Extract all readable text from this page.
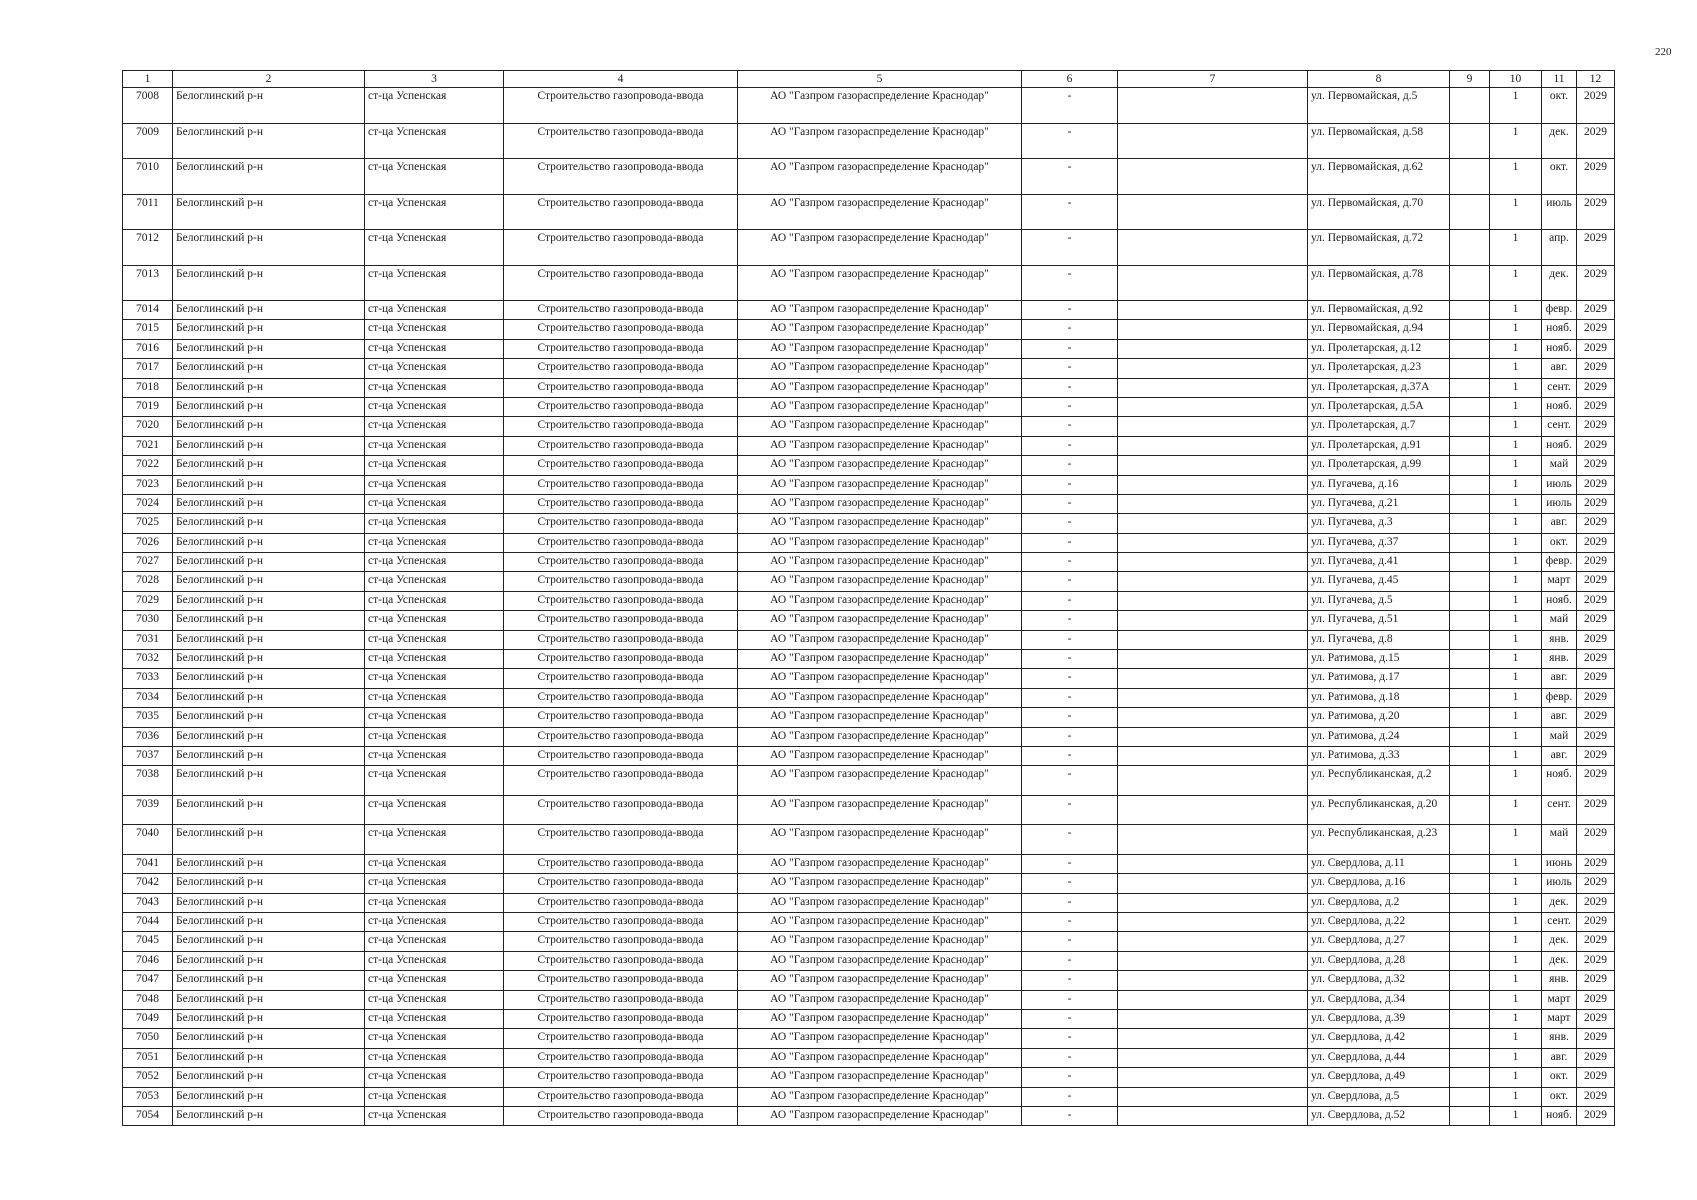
220
1	2	3	4	5	6	7	8	9	10	11	12
7008	Белоглинский р-н	ст-ца Успенская	Строительство газопровода-ввода	АО "Газпром газораспределение Краснодар"	-		ул. Первомайская, д.5		1	окт.	2029
7009	Белоглинский р-н	ст-ца Успенская	Строительство газопровода-ввода	АО "Газпром газораспределение Краснодар"	-		ул. Первомайская, д.58		1	дек.	2029
7010	Белоглинский р-н	ст-ца Успенская	Строительство газопровода-ввода	АО "Газпром газораспределение Краснодар"	-		ул. Первомайская, д.62		1	окт.	2029
7011	Белоглинский р-н	ст-ца Успенская	Строительство газопровода-ввода	АО "Газпром газораспределение Краснодар"	-		ул. Первомайская, д.70		1	июль	2029
7012	Белоглинский р-н	ст-ца Успенская	Строительство газопровода-ввода	АО "Газпром газораспределение Краснодар"	-		ул. Первомайская, д.72		1	апр.	2029
7013	Белоглинский р-н	ст-ца Успенская	Строительство газопровода-ввода	АО "Газпром газораспределение Краснодар"	-		ул. Первомайская, д.78		1	дек.	2029
7014	Белоглинский р-н	ст-ца Успенская	Строительство газопровода-ввода	АО "Газпром газораспределение Краснодар"	-		ул. Первомайская, д.92		1	февр.	2029
7015	Белоглинский р-н	ст-ца Успенская	Строительство газопровода-ввода	АО "Газпром газораспределение Краснодар"	-		ул. Первомайская, д.94		1	нояб.	2029
7016	Белоглинский р-н	ст-ца Успенская	Строительство газопровода-ввода	АО "Газпром газораспределение Краснодар"	-		ул. Пролетарская, д.12		1	нояб.	2029
7017	Белоглинский р-н	ст-ца Успенская	Строительство газопровода-ввода	АО "Газпром газораспределение Краснодар"	-		ул. Пролетарская, д.23		1	авг.	2029
7018	Белоглинский р-н	ст-ца Успенская	Строительство газопровода-ввода	АО "Газпром газораспределение Краснодар"	-		ул. Пролетарская, д.37А		1	сент.	2029
7019	Белоглинский р-н	ст-ца Успенская	Строительство газопровода-ввода	АО "Газпром газораспределение Краснодар"	-		ул. Пролетарская, д.5А		1	нояб.	2029
7020	Белоглинский р-н	ст-ца Успенская	Строительство газопровода-ввода	АО "Газпром газораспределение Краснодар"	-		ул. Пролетарская, д.7		1	сент.	2029
7021	Белоглинский р-н	ст-ца Успенская	Строительство газопровода-ввода	АО "Газпром газораспределение Краснодар"	-		ул. Пролетарская, д.91		1	нояб.	2029
7022	Белоглинский р-н	ст-ца Успенская	Строительство газопровода-ввода	АО "Газпром газораспределение Краснодар"	-		ул. Пролетарская, д.99		1	май	2029
7023	Белоглинский р-н	ст-ца Успенская	Строительство газопровода-ввода	АО "Газпром газораспределение Краснодар"	-		ул. Пугачева, д.16		1	июль	2029
7024	Белоглинский р-н	ст-ца Успенская	Строительство газопровода-ввода	АО "Газпром газораспределение Краснодар"	-		ул. Пугачева, д.21		1	июль	2029
7025	Белоглинский р-н	ст-ца Успенская	Строительство газопровода-ввода	АО "Газпром газораспределение Краснодар"	-		ул. Пугачева, д.3		1	авг.	2029
7026	Белоглинский р-н	ст-ца Успенская	Строительство газопровода-ввода	АО "Газпром газораспределение Краснодар"	-		ул. Пугачева, д.37		1	окт.	2029
7027	Белоглинский р-н	ст-ца Успенская	Строительство газопровода-ввода	АО "Газпром газораспределение Краснодар"	-		ул. Пугачева, д.41		1	февр.	2029
7028	Белоглинский р-н	ст-ца Успенская	Строительство газопровода-ввода	АО "Газпром газораспределение Краснодар"	-		ул. Пугачева, д.45		1	март	2029
7029	Белоглинский р-н	ст-ца Успенская	Строительство газопровода-ввода	АО "Газпром газораспределение Краснодар"	-		ул. Пугачева, д.5		1	нояб.	2029
7030	Белоглинский р-н	ст-ца Успенская	Строительство газопровода-ввода	АО "Газпром газораспределение Краснодар"	-		ул. Пугачева, д.51		1	май	2029
7031	Белоглинский р-н	ст-ца Успенская	Строительство газопровода-ввода	АО "Газпром газораспределение Краснодар"	-		ул. Пугачева, д.8		1	янв.	2029
7032	Белоглинский р-н	ст-ца Успенская	Строительство газопровода-ввода	АО "Газпром газораспределение Краснодар"	-		ул. Ратимова, д.15		1	янв.	2029
7033	Белоглинский р-н	ст-ца Успенская	Строительство газопровода-ввода	АО "Газпром газораспределение Краснодар"	-		ул. Ратимова, д.17		1	авг.	2029
7034	Белоглинский р-н	ст-ца Успенская	Строительство газопровода-ввода	АО "Газпром газораспределение Краснодар"	-		ул. Ратимова, д.18		1	февр.	2029
7035	Белоглинский р-н	ст-ца Успенская	Строительство газопровода-ввода	АО "Газпром газораспределение Краснодар"	-		ул. Ратимова, д.20		1	авг.	2029
7036	Белоглинский р-н	ст-ца Успенская	Строительство газопровода-ввода	АО "Газпром газораспределение Краснодар"	-		ул. Ратимова, д.24		1	май	2029
7037	Белоглинский р-н	ст-ца Успенская	Строительство газопровода-ввода	АО "Газпром газораспределение Краснодар"	-		ул. Ратимова, д.33		1	авг.	2029
7038	Белоглинский р-н	ст-ца Успенская	Строительство газопровода-ввода	АО "Газпром газораспределение Краснодар"	-		ул. Республиканская, д.2		1	нояб.	2029
7039	Белоглинский р-н	ст-ца Успенская	Строительство газопровода-ввода	АО "Газпром газораспределение Краснодар"	-		ул. Республиканская, д.20		1	сент.	2029
7040	Белоглинский р-н	ст-ца Успенская	Строительство газопровода-ввода	АО "Газпром газораспределение Краснодар"	-		ул. Республиканская, д.23		1	май	2029
7041	Белоглинский р-н	ст-ца Успенская	Строительство газопровода-ввода	АО "Газпром газораспределение Краснодар"	-		ул. Свердлова, д.11		1	июнь	2029
7042	Белоглинский р-н	ст-ца Успенская	Строительство газопровода-ввода	АО "Газпром газораспределение Краснодар"	-		ул. Свердлова, д.16		1	июль	2029
7043	Белоглинский р-н	ст-ца Успенская	Строительство газопровода-ввода	АО "Газпром газораспределение Краснодар"	-		ул. Свердлова, д.2		1	дек.	2029
7044	Белоглинский р-н	ст-ца Успенская	Строительство газопровода-ввода	АО "Газпром газораспределение Краснодар"	-		ул. Свердлова, д.22		1	сент.	2029
7045	Белоглинский р-н	ст-ца Успенская	Строительство газопровода-ввода	АО "Газпром газораспределение Краснодар"	-		ул. Свердлова, д.27		1	дек.	2029
7046	Белоглинский р-н	ст-ца Успенская	Строительство газопровода-ввода	АО "Газпром газораспределение Краснодар"	-		ул. Свердлова, д.28		1	дек.	2029
7047	Белоглинский р-н	ст-ца Успенская	Строительство газопровода-ввода	АО "Газпром газораспределение Краснодар"	-		ул. Свердлова, д.32		1	янв.	2029
7048	Белоглинский р-н	ст-ца Успенская	Строительство газопровода-ввода	АО "Газпром газораспределение Краснодар"	-		ул. Свердлова, д.34		1	март	2029
7049	Белоглинский р-н	ст-ца Успенская	Строительство газопровода-ввода	АО "Газпром газораспределение Краснодар"	-		ул. Свердлова, д.39		1	март	2029
7050	Белоглинский р-н	ст-ца Успенская	Строительство газопровода-ввода	АО "Газпром газораспределение Краснодар"	-		ул. Свердлова, д.42		1	янв.	2029
7051	Белоглинский р-н	ст-ца Успенская	Строительство газопровода-ввода	АО "Газпром газораспределение Краснодар"	-		ул. Свердлова, д.44		1	авг.	2029
7052	Белоглинский р-н	ст-ца Успенская	Строительство газопровода-ввода	АО "Газпром газораспределение Краснодар"	-		ул. Свердлова, д.49		1	окт.	2029
7053	Белоглинский р-н	ст-ца Успенская	Строительство газопровода-ввода	АО "Газпром газораспределение Краснодар"	-		ул. Свердлова, д.5		1	окт.	2029
7054	Белоглинский р-н	ст-ца Успенская	Строительство газопровода-ввода	АО "Газпром газораспределение Краснодар"	-		ул. Свердлова, д.52		1	нояб.	2029
